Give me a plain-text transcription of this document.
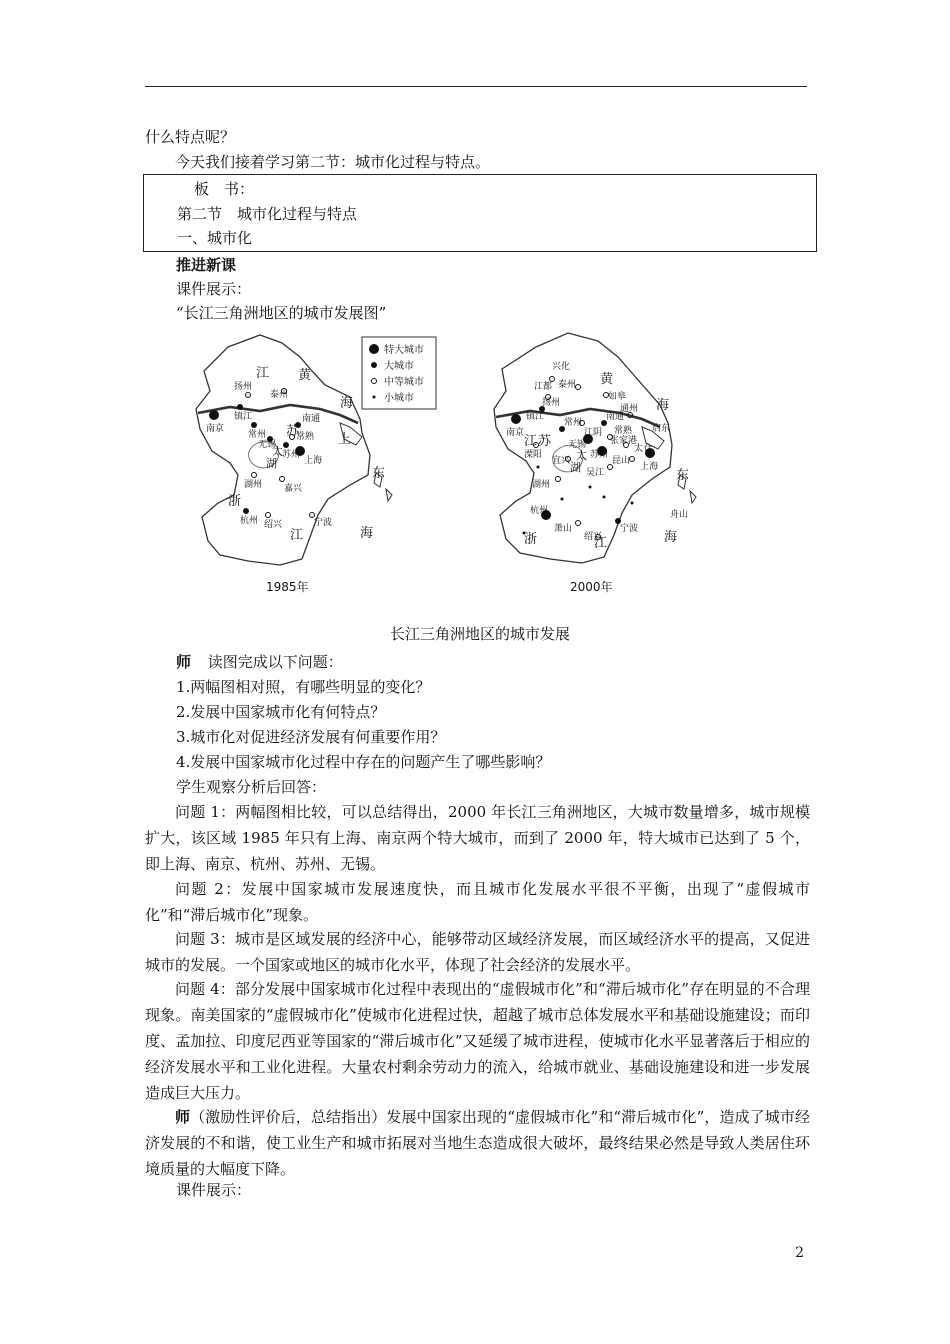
什么特点呢？
今天我们接着学习第二节：城市化过程与特点。
板　书：
第二节　城市化过程与特点
一、城市化
推进新课
课件展示：
“长江三角洲地区的城市发展图”
江
苏
黄
海
浙
江
东
海
太
湖
上
扬州
泰州
镇江	南通
南京
常州
无锡
苏州
常熟
上海
湖州 嘉兴
杭州 绍兴	宁波
1985年
特大城市
大城市
中等城市
小城市
江 苏
黄
海
浙	江
东
海
太
湖
兴化
江都 泰州
如皋
扬州
通州
镇江	南通
启东
南京
常州
江阴 常熟
张家港
溧阳
无锡
宜兴
苏州
太仓
吴江
昆山
上海
湖州
杭州
萧山
绍兴
宁波
舟山
2000年
长江三角洲地区的城市发展
师 读图完成以下问题：
1.两幅图相对照，有哪些明显的变化？
2.发展中国家城市化有何特点？
3.城市化对促进经济发展有何重要作用？
4.发展中国家城市化过程中存在的问题产生了哪些影响？
学生观察分析后回答：
问题 1：两幅图相比较，可以总结得出，2000 年长江三角洲地区，大城市数量增多，城市规模扩大，该区域 1985 年只有上海、南京两个特大城市，而到了 2000 年，特大城市已达到了 5 个，即上海、南京、杭州、苏州、无锡。
问题 2：发展中国家城市发展速度快，而且城市化发展水平很不平衡，出现了“虚假城市化”和“滞后城市化”现象。
问题 3：城市是区域发展的经济中心，能够带动区域经济发展，而区域经济水平的提高，又促进城市的发展。一个国家或地区的城市化水平，体现了社会经济的发展水平。
问题 4：部分发展中国家城市化过程中表现出的“虚假城市化”和“滞后城市化”存在明显的不合理现象。南美国家的“虚假城市化”使城市化进程过快，超越了城市总体发展水平和基础设施建设；而印度、孟加拉、印度尼西亚等国家的“滞后城市化”又延缓了城市进程，使城市化水平显著落后于相应的经济发展水平和工业化进程。大量农村剩余劳动力的流入，给城市就业、基础设施建设和进一步发展造成巨大压力。
师（激励性评价后，总结指出）发展中国家出现的“虚假城市化”和“滞后城市化”，造成了城市经济发展的不和谐，使工业生产和城市拓展对当地生态造成很大破坏，最终结果必然是导致人类居住环境质量的大幅度下降。
课件展示：
2
